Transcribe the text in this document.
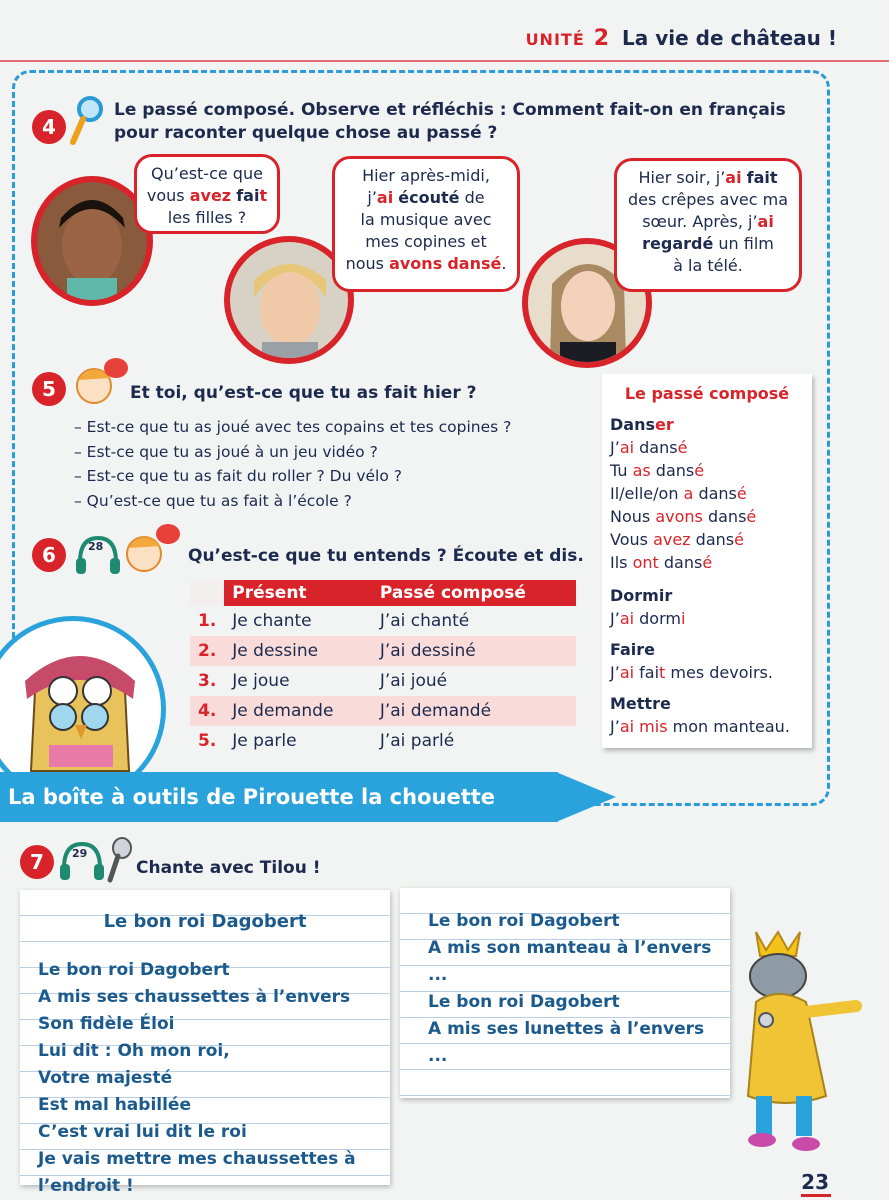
UNITÉ 2 La vie de château !
4
Le passé composé. Observe et réfléchis : Comment fait-on en français
pour raconter quelque chose au passé ?
Qu’est-ce que
vous avez fait
les filles ?
Hier après-midi,
j’ai écouté de
la musique avec
mes copines et
nous avons dansé.
Hier soir, j’ai fait
des crêpes avec ma
sœur. Après, j’ai
regardé un film
à la télé.
5	Et toi, qu’est-ce que tu as fait hier ?
– Est-ce que tu as joué avec tes copains et tes copines ?
– Est-ce que tu as joué à un jeu vidéo ?
– Est-ce que tu as fait du roller ? Du vélo ?
– Qu’est-ce que tu as fait à l’école ?
6	28	Qu’est-ce que tu entends ? Écoute et dis.
	Présent	Passé composé
1.	Je chante	J’ai chanté
2.	Je dessine	J’ai dessiné
3.	Je joue	J’ai joué
4.	Je demande	J’ai demandé
5.	Je parle	J’ai parlé
Le passé composé
Danser
J’ai dansé
Tu as dansé
Il/elle/on a dansé
Nous avons dansé
Vous avez dansé
Ils ont dansé
Dormir
J’ai dormi
Faire
J’ai fait mes devoirs.
Mettre
J’ai mis mon manteau.
La boîte à outils de Pirouette la chouette
7	29
Chante avec Tilou !
Le bon roi Dagobert
Le bon roi Dagobert
A mis ses chaussettes à l’envers
Son fidèle Éloi
Lui dit : Oh mon roi,
Votre majesté
Est mal habillée
C’est vrai lui dit le roi
Je vais mettre mes chaussettes à l’endroit !
Le bon roi Dagobert
A mis son manteau à l’envers
...
Le bon roi Dagobert
A mis ses lunettes à l’envers
...
23
